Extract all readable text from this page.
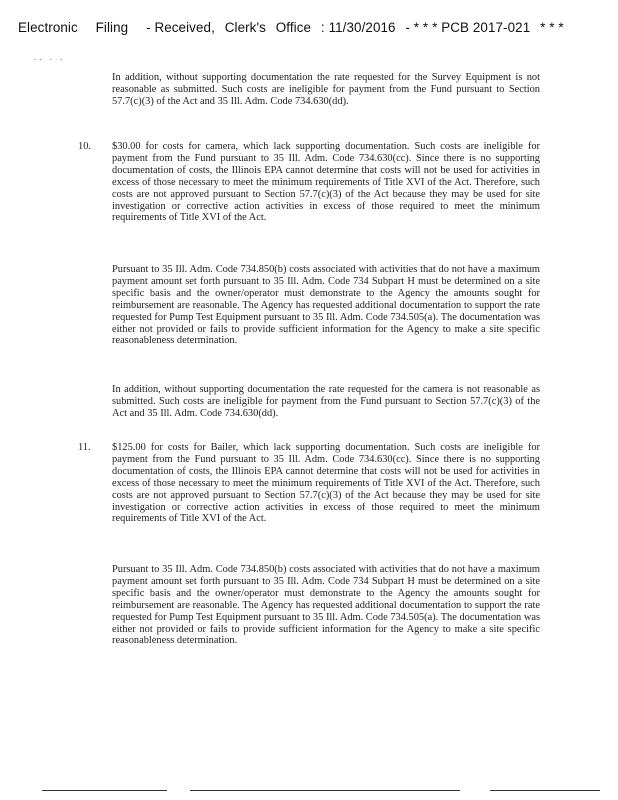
Electronic Filing - Received, Clerk's Office : 11/30/2016 - * * * PCB 2017-021 * * *
.. . .

In addition, without supporting documentation the rate requested for the Survey Equipment is not reasonable as submitted. Such costs are ineligible for payment from the Fund pursuant to Section 57.7(c)(3) of the Act and 35 Ill. Adm. Code 734.630(dd).

10. $30.00 for costs for camera, which lack supporting documentation. Such costs are ineligible for payment from the Fund pursuant to 35 Ill. Adm. Code 734.630(cc). Since there is no supporting documentation of costs, the Illinois EPA cannot determine that costs will not be used for activities in excess of those necessary to meet the minimum requirements of Title XVI of the Act. Therefore, such costs are not approved pursuant to Section 57.7(c)(3) of the Act because they may be used for site investigation or corrective action activities in excess of those required to meet the minimum requirements of Title XVI of the Act.

Pursuant to 35 Ill. Adm. Code 734.850(b) costs associated with activities that do not have a maximum payment amount set forth pursuant to 35 Ill. Adm. Code 734 Subpart H must be determined on a site specific basis and the owner/operator must demonstrate to the Agency the amounts sought for reimbursement are reasonable. The Agency has requested additional documentation to support the rate requested for Pump Test Equipment pursuant to 35 Ill. Adm. Code 734.505(a). The documentation was either not provided or fails to provide sufficient information for the Agency to make a site specific reasonableness determination.

In addition, without supporting documentation the rate requested for the camera is not reasonable as submitted. Such costs are ineligible for payment from the Fund pursuant to Section 57.7(c)(3) of the Act and 35 Ill. Adm. Code 734.630(dd).

11. $125.00 for costs for Bailer, which lack supporting documentation. Such costs are ineligible for payment from the Fund pursuant to 35 Ill. Adm. Code 734.630(cc). Since there is no supporting documentation of costs, the Illinois EPA cannot determine that costs will not be used for activities in excess of those necessary to meet the minimum requirements of Title XVI of the Act. Therefore, such costs are not approved pursuant to Section 57.7(c)(3) of the Act because they may be used for site investigation or corrective action activities in excess of those required to meet the minimum requirements of Title XVI of the Act.

Pursuant to 35 Ill. Adm. Code 734.850(b) costs associated with activities that do not have a maximum payment amount set forth pursuant to 35 Ill. Adm. Code 734 Subpart H must be determined on a site specific basis and the owner/operator must demonstrate to the Agency the amounts sought for reimbursement are reasonable. The Agency has requested additional documentation to support the rate requested for Pump Test Equipment pursuant to 35 Ill. Adm. Code 734.505(a). The documentation was either not provided or fails to provide sufficient information for the Agency to make a site specific reasonableness determination.
